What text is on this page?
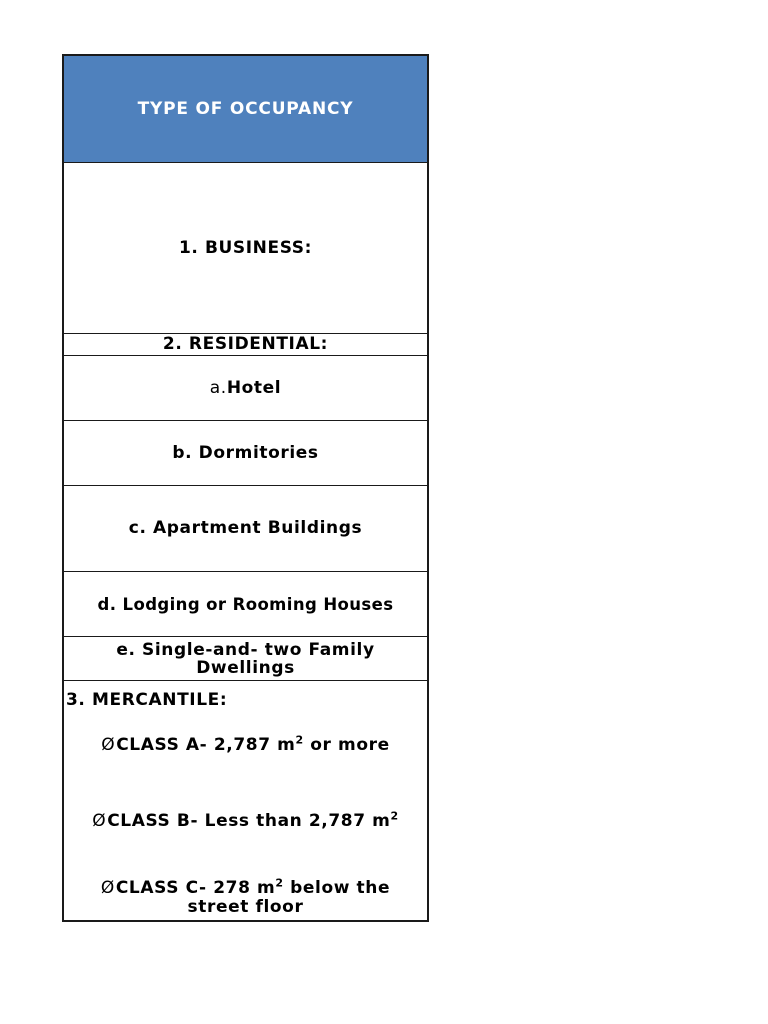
TYPE OF OCCUPANCY
1. BUSINESS:
2. RESIDENTIAL:
a. Hotel
b. Dormitories
c. Apartment Buildings
d. Lodging or Rooming Houses
e. Single-and- two Family Dwellings
3. MERCANTILE:
ØCLASS A- 2,787 $m^2$ or more
ØCLASS B- Less than 2,787 $m^2$
ØCLASS C- 278 $m^2$ below the street floor
